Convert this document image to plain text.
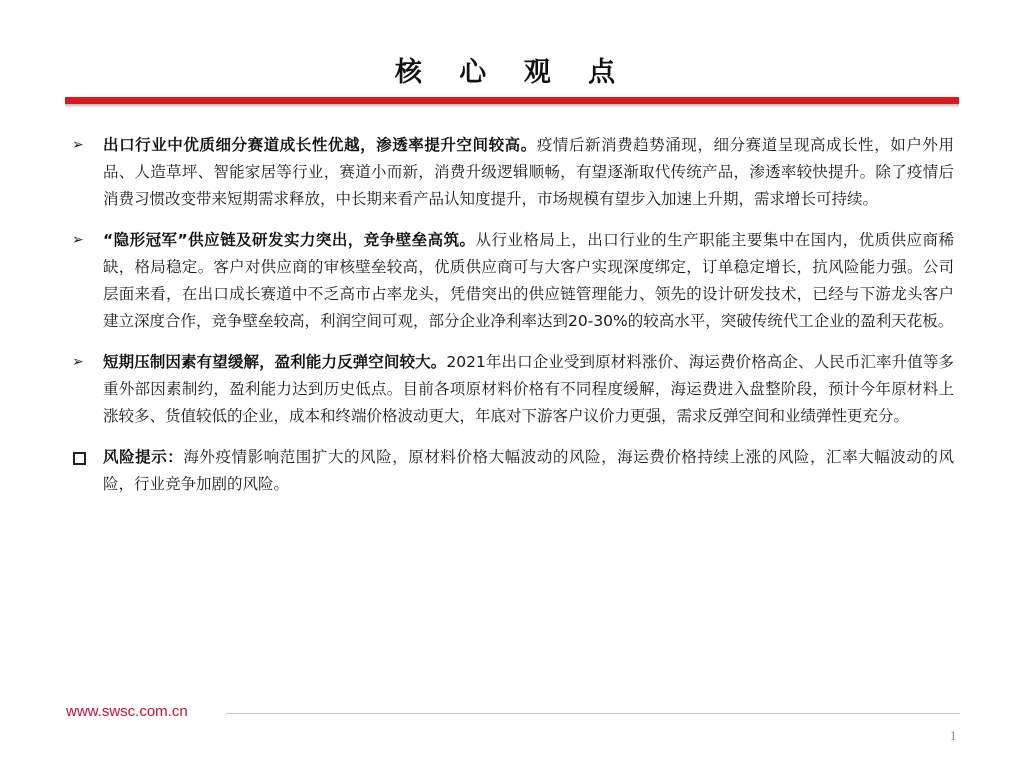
核 心 观 点
➢ 出口行业中优质细分赛道成长性优越，渗透率提升空间较高。疫情后新消费趋势涌现，细分赛道呈现高成长性，如户外用品、人造草坪、智能家居等行业，赛道小而新，消费升级逻辑顺畅，有望逐渐取代传统产品，渗透率较快提升。除了疫情后消费习惯改变带来短期需求释放，中长期来看产品认知度提升，市场规模有望步入加速上升期，需求增长可持续。
➢ “隐形冠军”供应链及研发实力突出，竞争壁垒高筑。从行业格局上，出口行业的生产职能主要集中在国内，优质供应商稀缺，格局稳定。客户对供应商的审核壁垒较高，优质供应商可与大客户实现深度绑定，订单稳定增长，抗风险能力强。公司层面来看，在出口成长赛道中不乏高市占率龙头，凭借突出的供应链管理能力、领先的设计研发技术，已经与下游龙头客户建立深度合作，竞争壁垒较高，利润空间可观，部分企业净利率达到20-30%的较高水平，突破传统代工企业的盈利天花板。
➢ 短期压制因素有望缓解，盈利能力反弹空间较大。2021年出口企业受到原材料涨价、海运费价格高企、人民币汇率升值等多重外部因素制约，盈利能力达到历史低点。目前各项原材料价格有不同程度缓解，海运费进入盘整阶段，预计今年原材料上涨较多、货值较低的企业，成本和终端价格波动更大，年底对下游客户议价力更强，需求反弹空间和业绩弹性更充分。
风险提示：海外疫情影响范围扩大的风险，原材料价格大幅波动的风险，海运费价格持续上涨的风险，汇率大幅波动的风险，行业竞争加剧的风险。
www.swsc.com.cn
1
